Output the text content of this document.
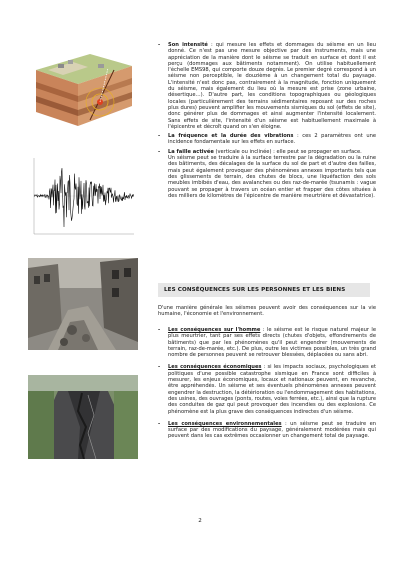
- Son intensité : qui mesure les effets et dommages du séisme en un lieu donné. Ce n'est pas une mesure objective par des instruments, mais une appréciation de la manière dont le séisme se traduit en surface et dont il est perçu (dommages aux bâtiments notamment). On utilise habituellement l'échelle EMS98, qui comporte douze degrés. Le premier degré correspond à un séisme non perceptible, le douzième à un changement total du paysage. L'intensité n'est donc pas, contrairement à la magnitude, fonction uniquement du séisme, mais également du lieu où la mesure est prise (zone urbaine, désertique…). D'autre part, les conditions topographiques ou géologiques locales (particulièrement des terrains sédimentaires reposant sur des roches plus dures) peuvent amplifier les mouvements sismiques du sol (effets de site), donc générer plus de dommages et ainsi augmenter l'intensité localement. Sans effets de site, l'intensité d'un séisme est habituellement maximale à l'épicentre et décroît quand on s'en éloigne.
- La fréquence et la durée des vibrations : ces 2 paramètres ont une incidence fondamentale sur les effets en surface.
- La faille activée (verticale ou inclinée) : elle peut se propager en surface.
Un séisme peut se traduire à la surface terrestre par la dégradation ou la ruine des bâtiments, des décalages de la surface du sol de part et d'autre des failles, mais peut également provoquer des phénomènes annexes importants tels que des glissements de terrain, des chutes de blocs, une liquéfaction des sols meubles imbibés d'eau, des avalanches ou des raz-de-marée (tsunamis : vague pouvant se propager à travers un océan entier et frapper des côtes situées à des milliers de kilomètres de l'épicentre de manière meurtrière et dévastatrice).
LES CONSÉQUENCES SUR LES PERSONNES ET LES BIENS
D'une manière générale les séismes peuvent avoir des conséquences sur la vie humaine, l'économie et l'environnement.
- Les conséquences sur l'homme : le séisme est le risque naturel majeur le plus meurtrier, tant par ses effets directs (chutes d'objets, effondrements de bâtiments) que par les phénomènes qu'il peut engendrer (mouvements de terrain, raz-de-marée, etc.). De plus, outre les victimes possibles, un très grand nombre de personnes peuvent se retrouver blessées, déplacées ou sans abri.
- Les conséquences économiques : si les impacts sociaux, psychologiques et politiques d'une possible catastrophe sismique en France sont difficiles à mesurer, les enjeux économiques, locaux et nationaux peuvent, en revanche, être appréhendés. Un séisme et ses éventuels phénomènes annexes peuvent engendrer la destruction, la détérioration ou l'endommagement des habitations, des usines, des ouvrages (ponts, routes, voies ferrées, etc.), ainsi que la rupture des conduites de gaz qui peut provoquer des incendies ou des explosions. Ce phénomène est la plus grave des conséquences indirectes d'un séisme.
- Les conséquences environnementales : un séisme peut se traduire en surface par des modifications du paysage, généralement modérées mais qui peuvent dans les cas extrêmes occasionner un changement total de paysage.
2
